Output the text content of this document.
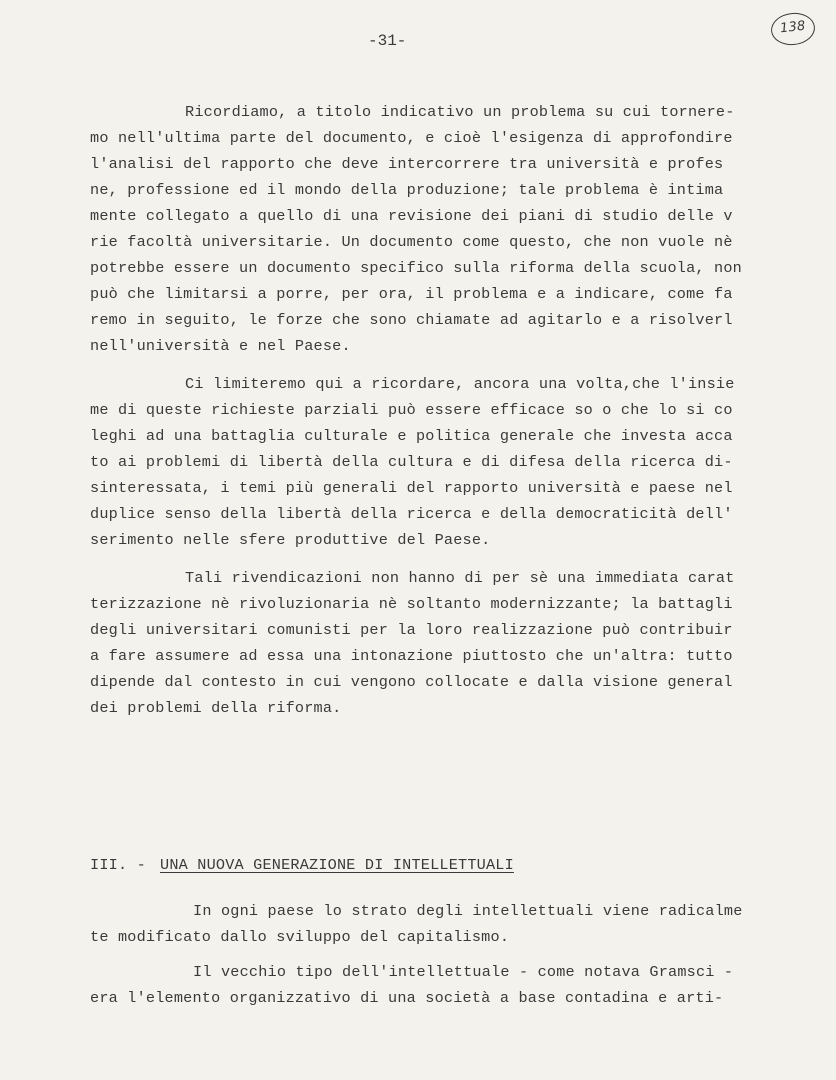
-31-
138
Ricordiamo, a titolo indicativo un problema su cui tornere-
mo nell'ultima parte del documento, e cioè l'esigenza di approfondire
l'analisi del rapporto che deve intercorrere tra università e profes
ne, professione ed il mondo della produzione; tale problema è intima
mente collegato a quello di una revisione dei piani di studio delle v
rie facoltà universitarie. Un documento come questo, che non vuole nè
potrebbe essere un documento specifico sulla riforma della scuola, non
può che limitarsi a porre, per ora, il problema e a indicare, come fa
remo in seguito, le forze che sono chiamate ad agitarlo e a risolverl
nell'università e nel Paese.
Ci limiteremo qui a ricordare, ancora una volta,che l'insie
me di queste richieste parziali può essere efficace so o che lo si co
leghi ad una battaglia culturale e politica generale che investa acca
to ai problemi di libertà della cultura e di difesa della ricerca di-
sinteressata, i temi più generali del rapporto università e paese nel
duplice senso della libertà della ricerca e della democraticità dell'
serimento nelle sfere produttive del Paese.
Tali rivendicazioni non hanno di per sè una immediata carat
terizzazione nè rivoluzionaria nè soltanto modernizzante; la battagli
degli universitari comunisti per la loro realizzazione può contribuir
a fare assumere ad essa una intonazione piuttosto che un'altra: tutto
dipende dal contesto in cui vengono collocate e dalla visione general
dei problemi della riforma.
III. - UNA NUOVA GENERAZIONE DI INTELLETTUALI
In ogni paese lo strato degli intellettuali viene radicalme
te modificato dallo sviluppo del capitalismo.
Il vecchio tipo dell'intellettuale - come notava Gramsci -
era l'elemento organizzativo di una società a base contadina e arti-
